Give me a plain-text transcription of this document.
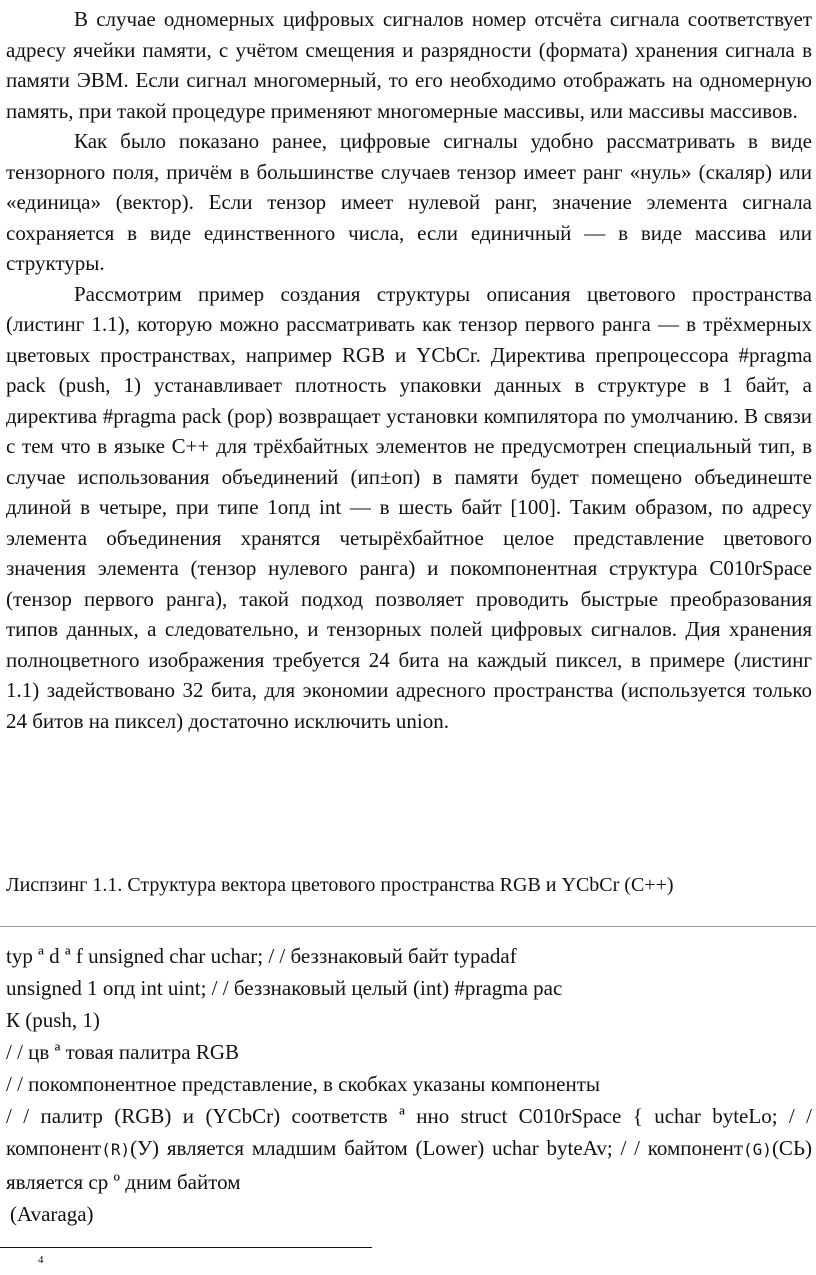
В случае одномерных цифровых сигналов номер отсчёта сигнала соответствует адресу ячейки памяти, с учётом смещения и разрядности (формата) хранения сигнала в памяти ЭВМ. Если сигнал многомерный, то его необходимо отображать на одномерную память, при такой процедуре применяют многомерные массивы, или массивы массивов.

Как было показано ранее, цифровые сигналы удобно рассматривать в виде тензорного поля, причём в большинстве случаев тензор имеет ранг «нуль» (скаляр) или «единица» (вектор). Если тензор имеет нулевой ранг, значение элемента сигнала сохраняется в виде единственного числа, если единичный — в виде массива или структуры.

Рассмотрим пример создания структуры описания цветового пространства (листинг 1.1), которую можно рассматривать как тензор первого ранга — в трёхмерных цветовых пространствах, например RGB и YCbCr. Директива препроцессора #pragma pack (push, 1) устанавливает плотность упаковки данных в структуре в 1 байт, а директива #pragma pack (pop) возвращает установки компилятора по умолчанию. В связи с тем что в языке С++ для трёхбайтных элементов не предусмотрен специальный тип, в случае использования объединений (ип±оп) в памяти будет помещено объединеште длиной в четыре, при типе 1опд int — в шесть байт [100]. Таким образом, по адресу элемента объединения хранятся четырёхбайтное целое представление цветового значения элемента (тензор нулевого ранга) и покомпонентная структура С010rSpace (тензор первого ранга), такой подход позволяет проводить быстрые преобразования типов данных, а следовательно, и тензорных полей цифровых сигналов. Дия хранения полноцветного изображения требуется 24 бита на каждый пиксел, в примере (листинг 1.1) задействовано 32 бита, для экономии адресного пространства (используется только 24 битов на пиксел) достаточно исключить union.

Лиспзинг 1.1. Структура вектора цветового пространства RGB и YCbCr (С++)
typ ª d ª f unsigned char uchar; / / беззнаковый байт typadaf
unsigned 1 опд int uint; / / беззнаковый целый (int) #pragma рас
К (push, 1)
/ / цв ª товая палитра RGB
/ / покомпонентное представление, в скобках указаны компоненты
/ / палитр (RGB) и (YCbCr) соответств ª нно struct С010rSpace { uchar byteLo; / / компонент(R)(У) является младшим байтом (Lower) uchar byteAv; / / компонент(G)(СЬ) является ср º дним байтом
(Avaraga)
4
